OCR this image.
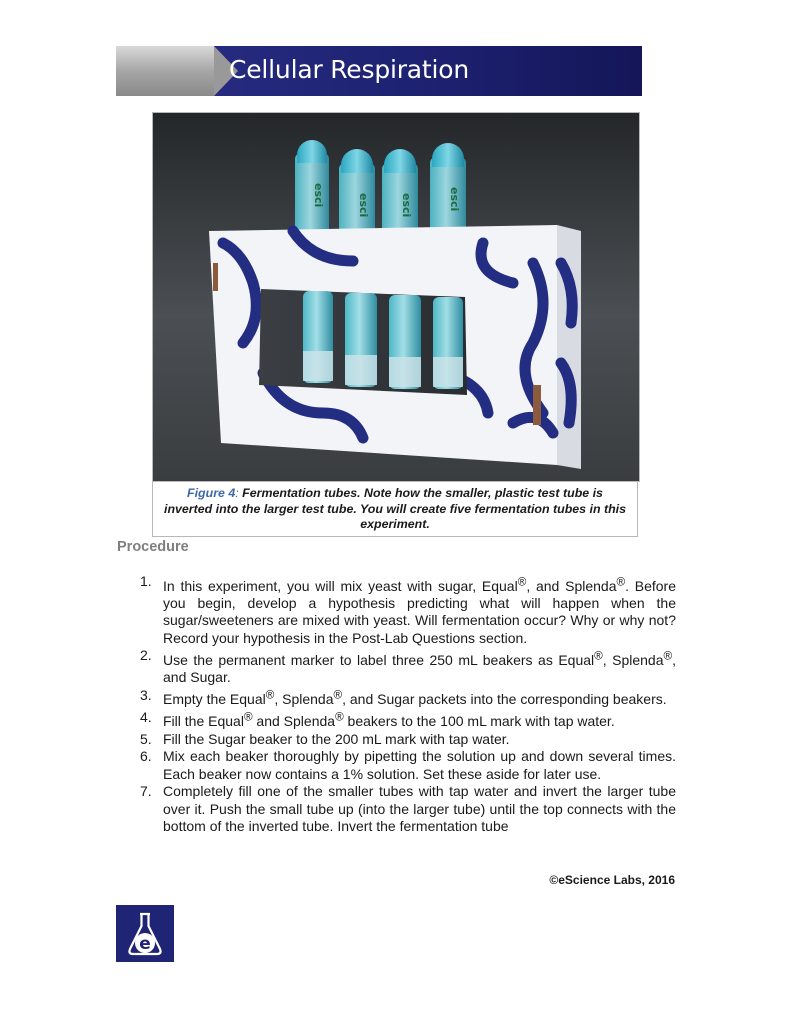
Cellular Respiration
esci	esci	esci	esci
Figure 4: Fermentation tubes. Note how the smaller, plastic test tube is inverted into the larger test tube. You will create five fermentation tubes in this experiment.
Procedure
1. In this experiment, you will mix yeast with sugar, Equal®, and Splenda®. Before you begin, develop a hypothesis predicting what will happen when the sugar/sweeteners are mixed with yeast. Will fermentation occur? Why or why not? Record your hypothesis in the Post-Lab Questions section.
2. Use the permanent marker to label three 250 mL beakers as Equal®, Splenda®, and Sugar.
3. Empty the Equal®, Splenda®, and Sugar packets into the corresponding beakers.
4. Fill the Equal® and Splenda® beakers to the 100 mL mark with tap water.
5. Fill the Sugar beaker to the 200 mL mark with tap water.
6. Mix each beaker thoroughly by pipetting the solution up and down several times. Each beaker now contains a 1% solution. Set these aside for later use.
7. Completely fill one of the smaller tubes with tap water and invert the larger tube over it. Push the small tube up (into the larger tube) until the top connects with the bottom of the inverted tube. Invert the fermentation tube
©eScience Labs, 2016
e
